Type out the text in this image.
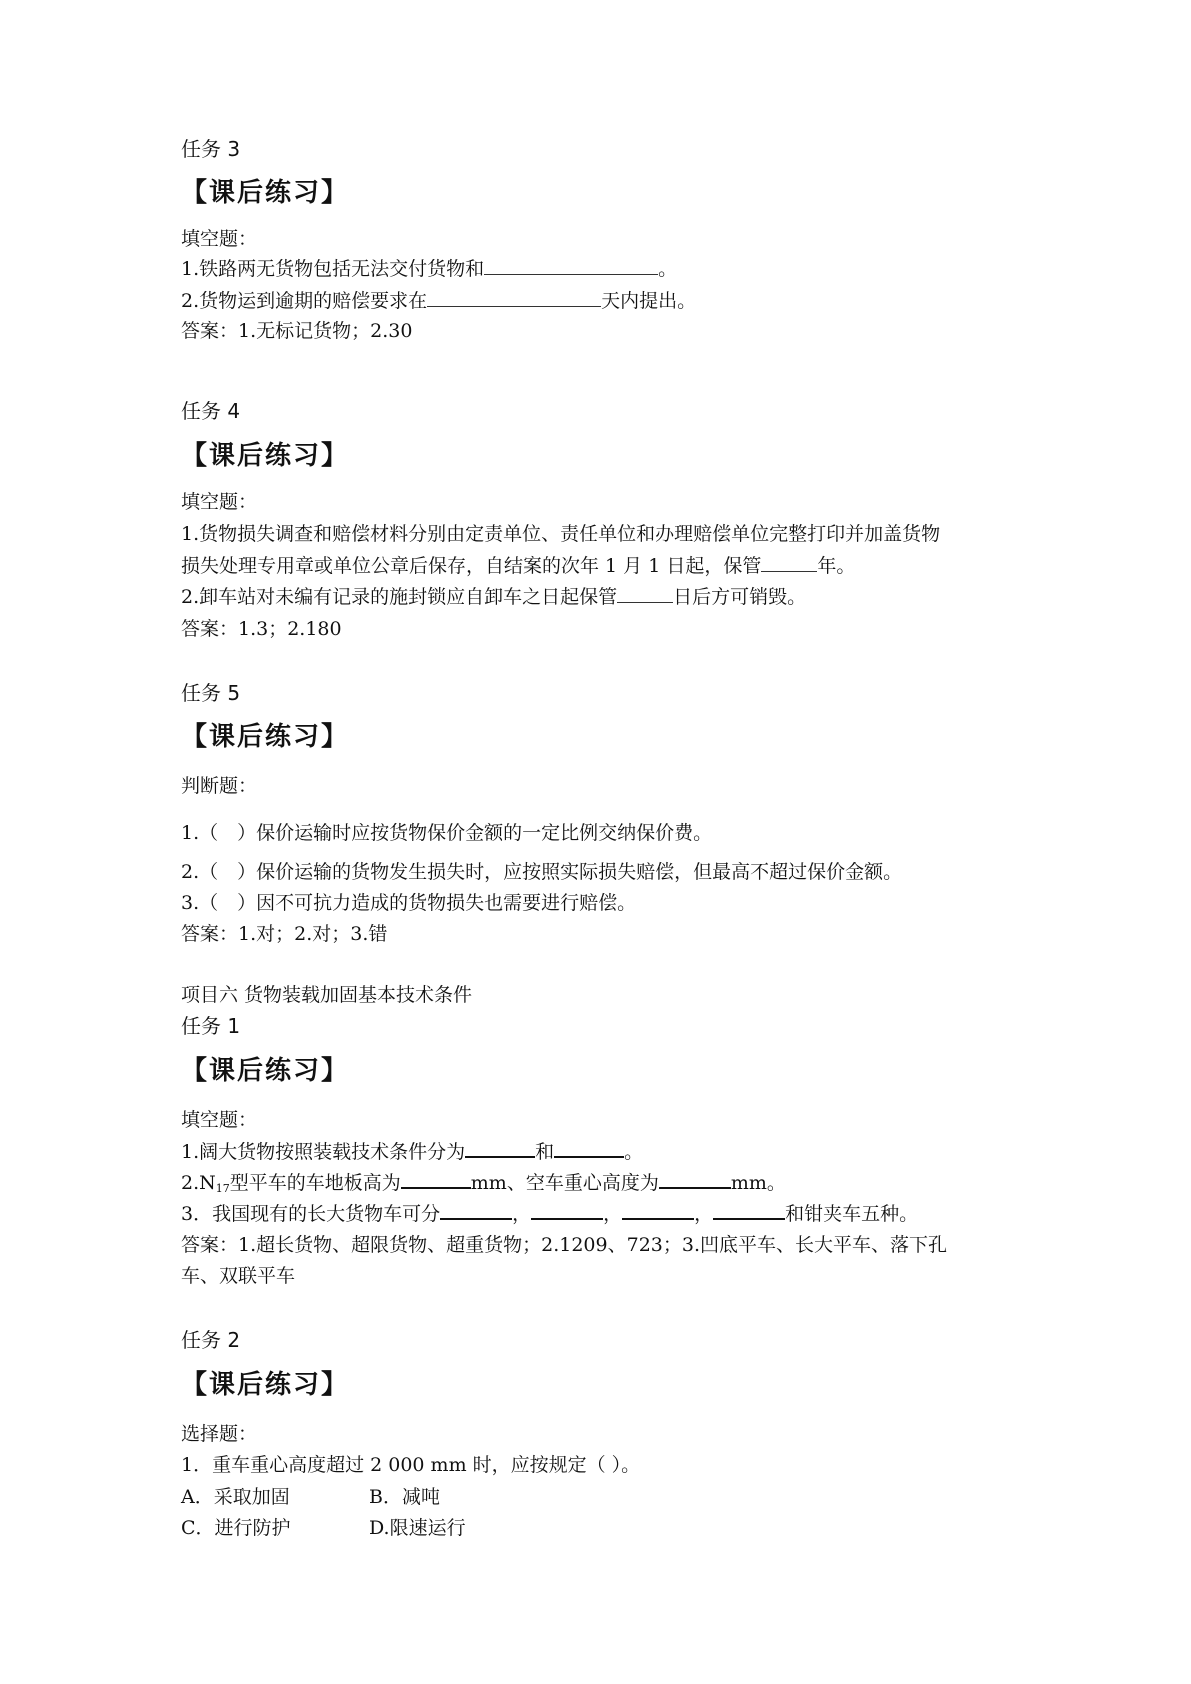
任务 3
【课后练习】
填空题：
1.铁路两无货物包括无法交付货物和	。
2.货物运到逾期的赔偿要求在	天内提出。
答案：1.无标记货物；2.30
任务 4
【课后练习】
填空题：
1.货物损失调查和赔偿材料分别由定责单位、责任单位和办理赔偿单位完整打印并加盖货物
损失处理专用章或单位公章后保存，自结案的次年 1 月 1 日起，保管	年。
2.卸车站对未编有记录的施封锁应自卸车之日起保管	日后方可销毁。
答案：1.3；2.180
任务 5
【课后练习】
判断题：
1.（　）保价运输时应按货物保价金额的一定比例交纳保价费。
2.（　）保价运输的货物发生损失时，应按照实际损失赔偿，但最高不超过保价金额。
3.（　）因不可抗力造成的货物损失也需要进行赔偿。
答案：1.对；2.对；3.错
项目六 货物装载加固基本技术条件
任务 1
【课后练习】
填空题：
1.阔大货物按照装载技术条件分为	和	。
$2.N_{17}$型平车的车地板高为	mm、空车重心高度为	mm。
3．我国现有的长大货物车可分	，	，	，	和钳夹车五种。
答案：1.超长货物、超限货物、超重货物；2.1209、723；3.凹底平车、长大平车、落下孔
车、双联平车
任务 2
【课后练习】
选择题：
1．重车重心高度超过 2 000 mm 时，应按规定（ ）。
A．采取加固	B．减吨
C．进行防护	D.限速运行
